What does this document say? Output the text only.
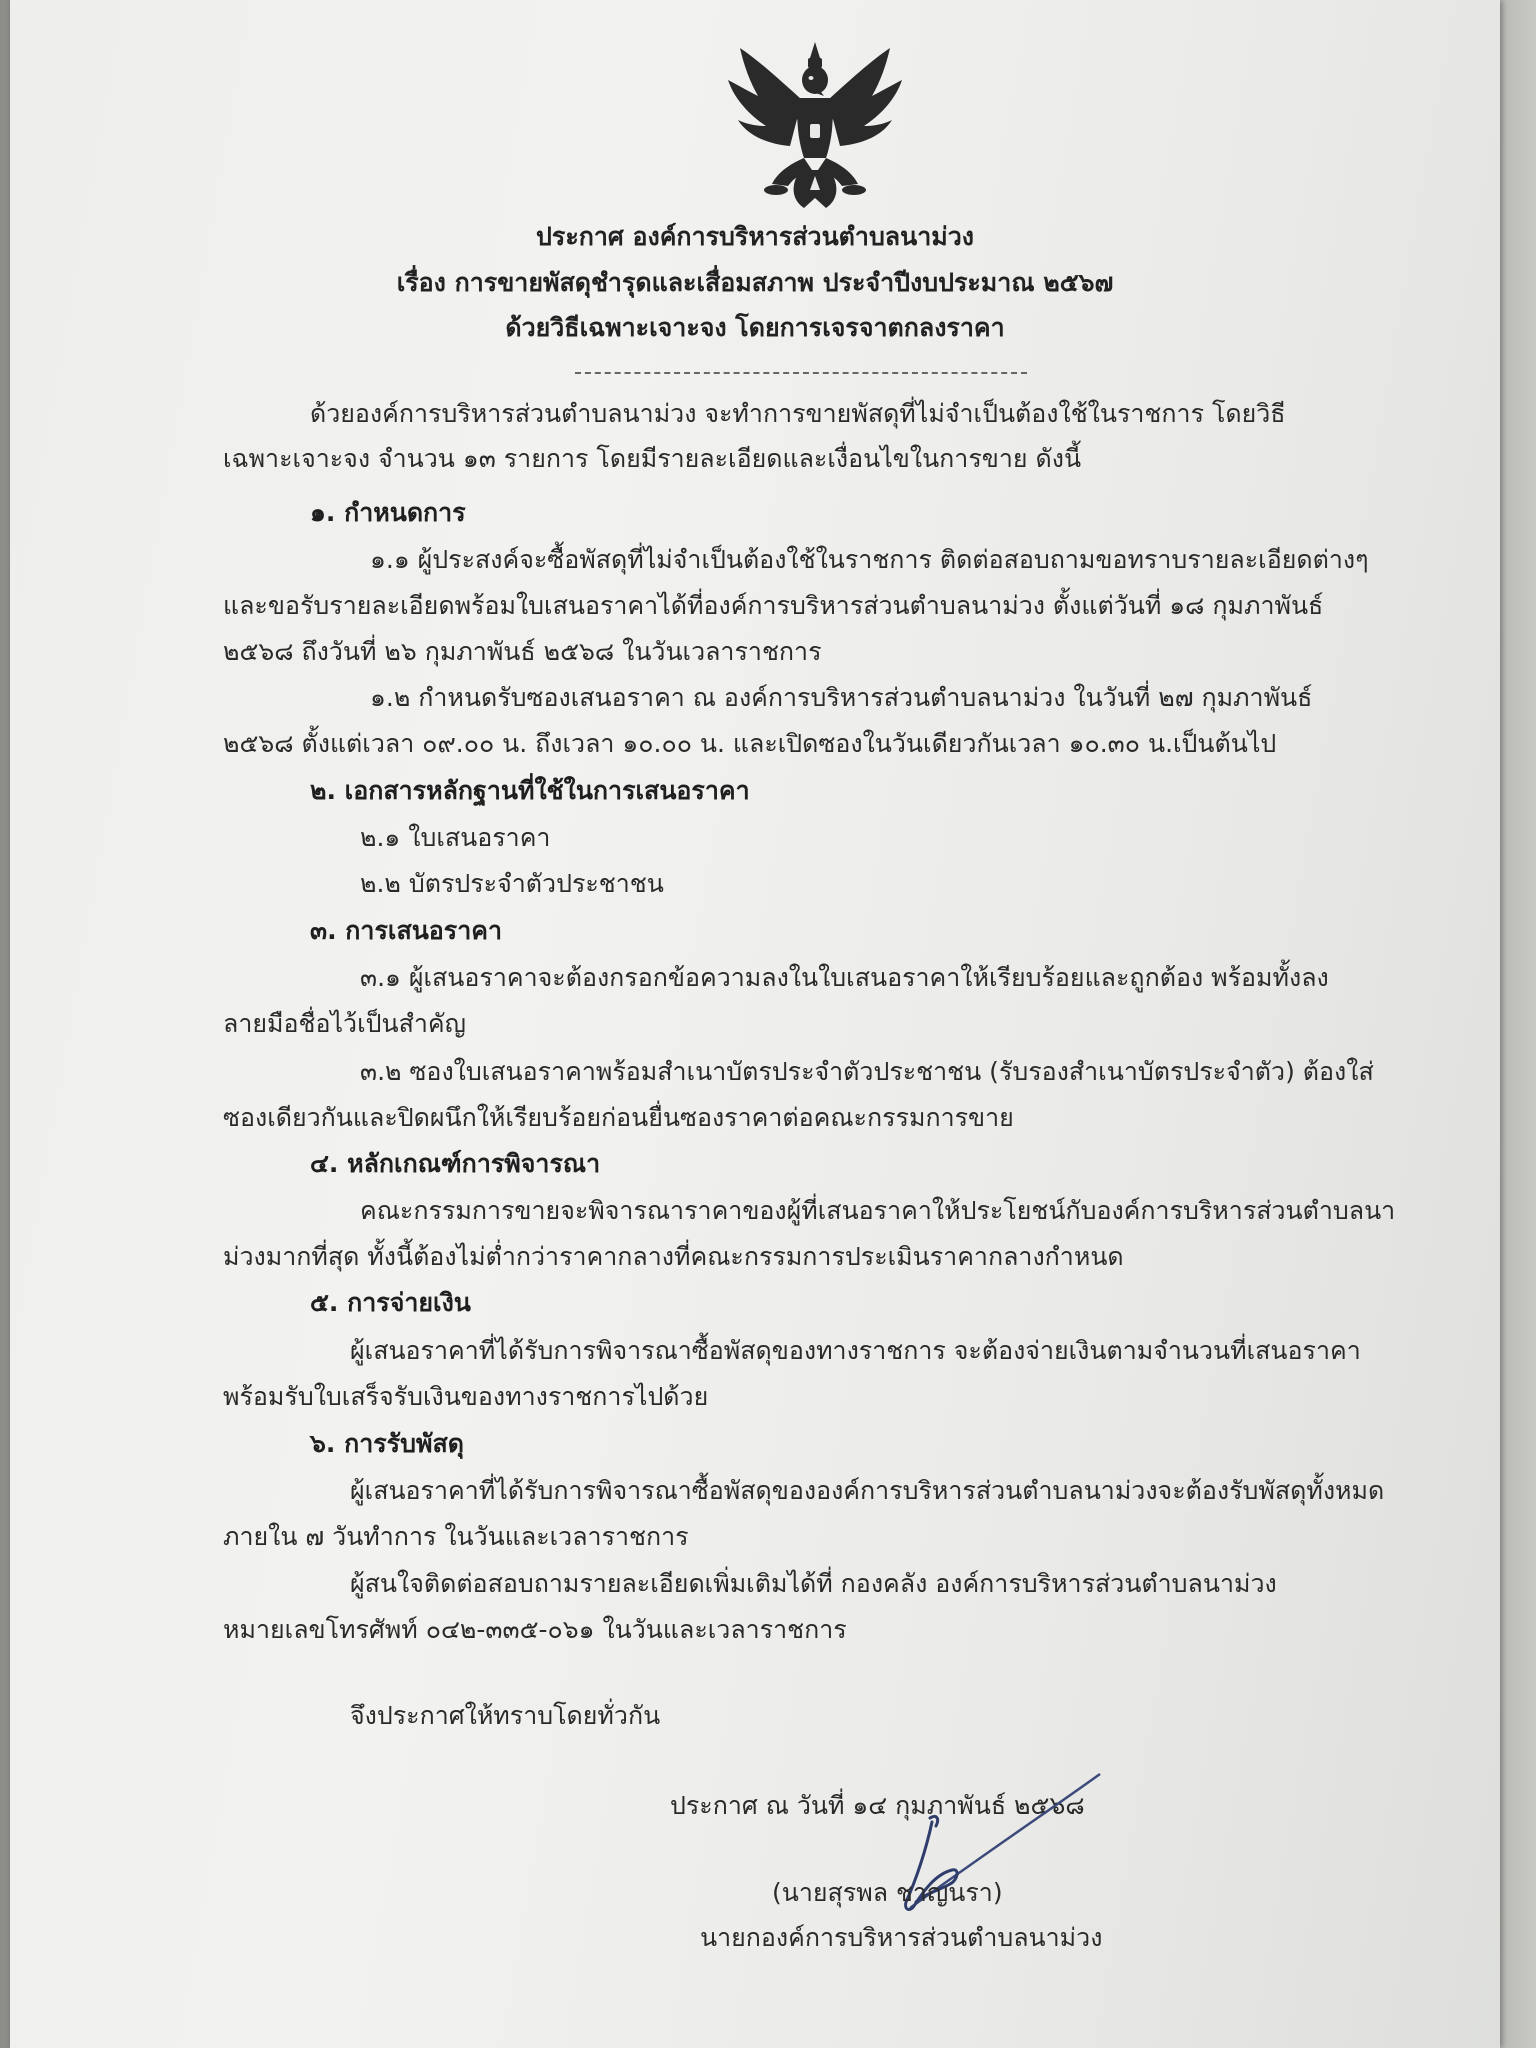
ประกาศ องค์การบริหารส่วนตำบลนาม่วง
เรื่อง การขายพัสดุชำรุดและเสื่อมสภาพ ประจำปีงบประมาณ ๒๕๖๗
ด้วยวิธีเฉพาะเจาะจง โดยการเจรจาตกลงราคา
ด้วยองค์การบริหารส่วนตำบลนาม่วง จะทำการขายพัสดุที่ไม่จำเป็นต้องใช้ในราชการ โดยวิธี
เฉพาะเจาะจง จำนวน ๑๓ รายการ โดยมีรายละเอียดและเงื่อนไขในการขาย ดังนี้
๑. กำหนดการ
๑.๑ ผู้ประสงค์จะซื้อพัสดุที่ไม่จำเป็นต้องใช้ในราชการ ติดต่อสอบถามขอทราบรายละเอียดต่างๆ
และขอรับรายละเอียดพร้อมใบเสนอราคาได้ที่องค์การบริหารส่วนตำบลนาม่วง ตั้งแต่วันที่ ๑๘ กุมภาพันธ์
๒๕๖๘ ถึงวันที่ ๒๖ กุมภาพันธ์ ๒๕๖๘ ในวันเวลาราชการ
๑.๒ กำหนดรับซองเสนอราคา ณ องค์การบริหารส่วนตำบลนาม่วง ในวันที่ ๒๗ กุมภาพันธ์
๒๕๖๘ ตั้งแต่เวลา ๐๙.๐๐ น. ถึงเวลา ๑๐.๐๐ น. และเปิดซองในวันเดียวกันเวลา ๑๐.๓๐ น.เป็นต้นไป
๒. เอกสารหลักฐานที่ใช้ในการเสนอราคา
๒.๑ ใบเสนอราคา
๒.๒ บัตรประจำตัวประชาชน
๓. การเสนอราคา
๓.๑ ผู้เสนอราคาจะต้องกรอกข้อความลงในใบเสนอราคาให้เรียบร้อยและถูกต้อง พร้อมทั้งลง
ลายมือชื่อไว้เป็นสำคัญ
๓.๒ ซองใบเสนอราคาพร้อมสำเนาบัตรประจำตัวประชาชน (รับรองสำเนาบัตรประจำตัว) ต้องใส่
ซองเดียวกันและปิดผนึกให้เรียบร้อยก่อนยื่นซองราคาต่อคณะกรรมการขาย
๔. หลักเกณฑ์การพิจารณา
คณะกรรมการขายจะพิจารณาราคาของผู้ที่เสนอราคาให้ประโยชน์กับองค์การบริหารส่วนตำบลนา
ม่วงมากที่สุด ทั้งนี้ต้องไม่ต่ำกว่าราคากลางที่คณะกรรมการประเมินราคากลางกำหนด
๕. การจ่ายเงิน
ผู้เสนอราคาที่ได้รับการพิจารณาซื้อพัสดุของทางราชการ จะต้องจ่ายเงินตามจำนวนที่เสนอราคา
พร้อมรับใบเสร็จรับเงินของทางราชการไปด้วย
๖. การรับพัสดุ
ผู้เสนอราคาที่ได้รับการพิจารณาซื้อพัสดุขององค์การบริหารส่วนตำบลนาม่วงจะต้องรับพัสดุทั้งหมด
ภายใน ๗ วันทำการ ในวันและเวลาราชการ
ผู้สนใจติดต่อสอบถามรายละเอียดเพิ่มเติมได้ที่ กองคลัง องค์การบริหารส่วนตำบลนาม่วง
หมายเลขโทรศัพท์ ๐๔๒-๓๓๕-๐๖๑ ในวันและเวลาราชการ
จึงประกาศให้ทราบโดยทั่วกัน
ประกาศ ณ วันที่ ๑๔ กุมภาพันธ์ ๒๕๖๘
(นายสุรพล ชาญนรา)
นายกองค์การบริหารส่วนตำบลนาม่วง
